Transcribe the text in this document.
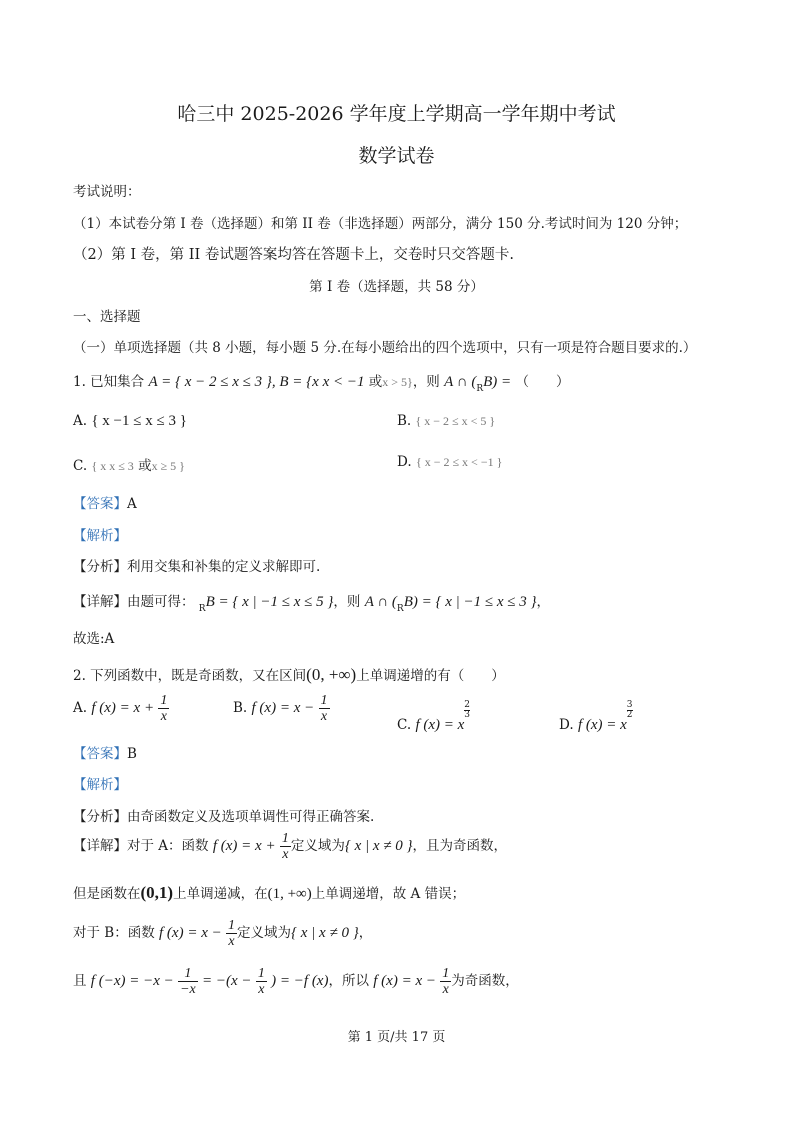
哈三中 2025-2026 学年度上学期高一学年期中考试
数学试卷
考试说明：
（1）本试卷分第 I 卷（选择题）和第 II 卷（非选择题）两部分，满分 150 分.考试时间为 120 分钟；
（2）第 I 卷，第 II 卷试题答案均答在答题卡上，交卷时只交答题卡.
第 I 卷（选择题，共 58 分）
一、选择题
（一）单项选择题（共 8 小题，每小题 5 分.在每小题给出的四个选项中，只有一项是符合题目要求的.）
1. 已知集合 A = { x − 2 ≤ x ≤ 3 }, B = {x x < −1 或x > 5}，则 A ∩ $(_RB)$ = （　　）
A. { x −1 ≤ x ≤ 3 }	B. { x − 2 ≤ x < 5 }
C. { x x ≤ 3 或x ≥ 5 }	D. { x − 2 ≤ x < −1 }
【答案】A
【解析】
【分析】利用交集和补集的定义求解即可.
【详解】由题可得： $_R$B = { x | −1 ≤ x ≤ 5 }，则 A ∩ $(_RB)$ = { x | −1 ≤ x ≤ 3 }，
故选:A
2. 下列函数中，既是奇函数，又在区间(0, +∞)上单调递增的有（　　）
A. f $(x) = x + \frac{1}{x}$	B. f $(x) = x - \frac{1}{x}$
C. f (x) = x
$\frac{2}{3}$
D. f (x) = x
$\frac{3}{2}$
【答案】B
【解析】
【分析】由奇函数定义及选项单调性可得正确答案.
【详解】对于 A：函数 f $(x) = x + \frac{1}{x}$ 定义域为{ x | x ≠ 0 }，且为奇函数，
但是函数在(0,1)上单调递减，在(1, +∞)上单调递增，故 A 错误；
对于 B：函数 f $(x) = x - \frac{1}{x}$ 定义域为{ x | x ≠ 0 }，
且 f $(-x) = -x - \frac{1}{-x} = -(x - \frac{1}{x}$ ) = −f (x)，所以 f $(x) = x - \frac{1}{x}$ 为奇函数，
第 1 页/共 17 页
